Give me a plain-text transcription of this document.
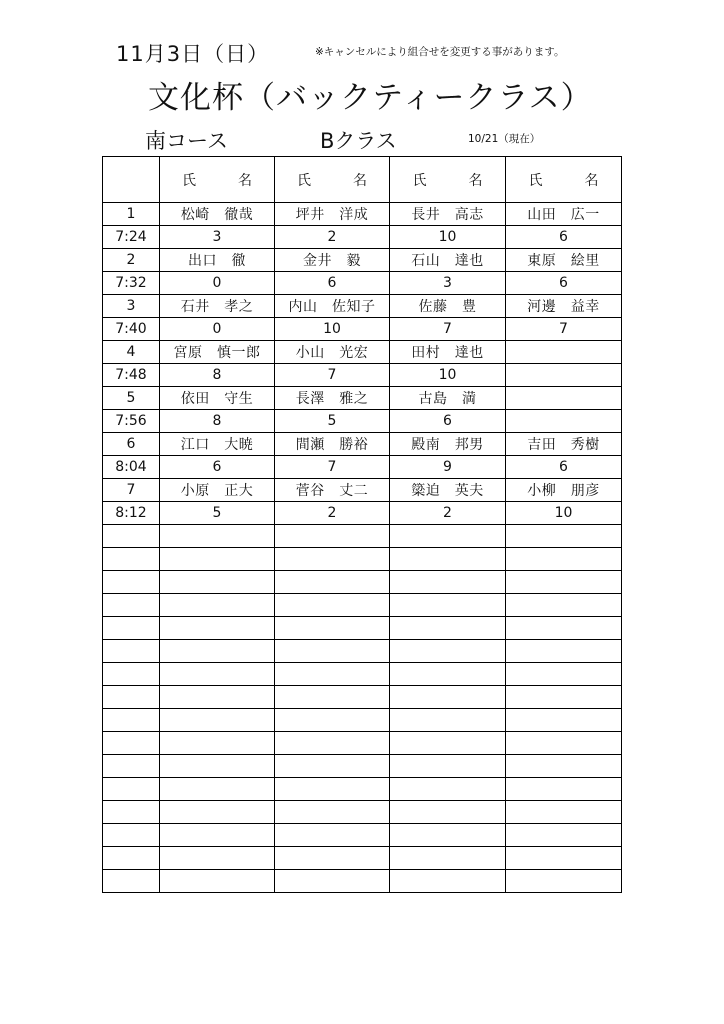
11月3日（日）	※キャンセルにより組合せを変更する事があります。
文化杯（バックティークラス）
南コース	Bクラス	10/21（現在）
	氏　名	氏　名	氏　名	氏　名
1	松崎　徹哉	坪井　洋成	長井　高志	山田　広一
7:24	3	2	10	6
2	出口　徹	金井　毅	石山　達也	東原　絵里
7:32	0	6	3	6
3	石井　孝之	内山　佐知子	佐藤　豊	河邊　益幸
7:40	0	10	7	7
4	宮原　慎一郎	小山　光宏	田村　達也	
7:48	8	7	10	
5	依田　守生	長澤　雅之	古島　満	
7:56	8	5	6	
6	江口　大暁	間瀬　勝裕	殿南　邦男	吉田　秀樹
8:04	6	7	9	6
7	小原　正大	菅谷　丈二	簗迫　英夫	小柳　朋彦
8:12	5	2	2	10
